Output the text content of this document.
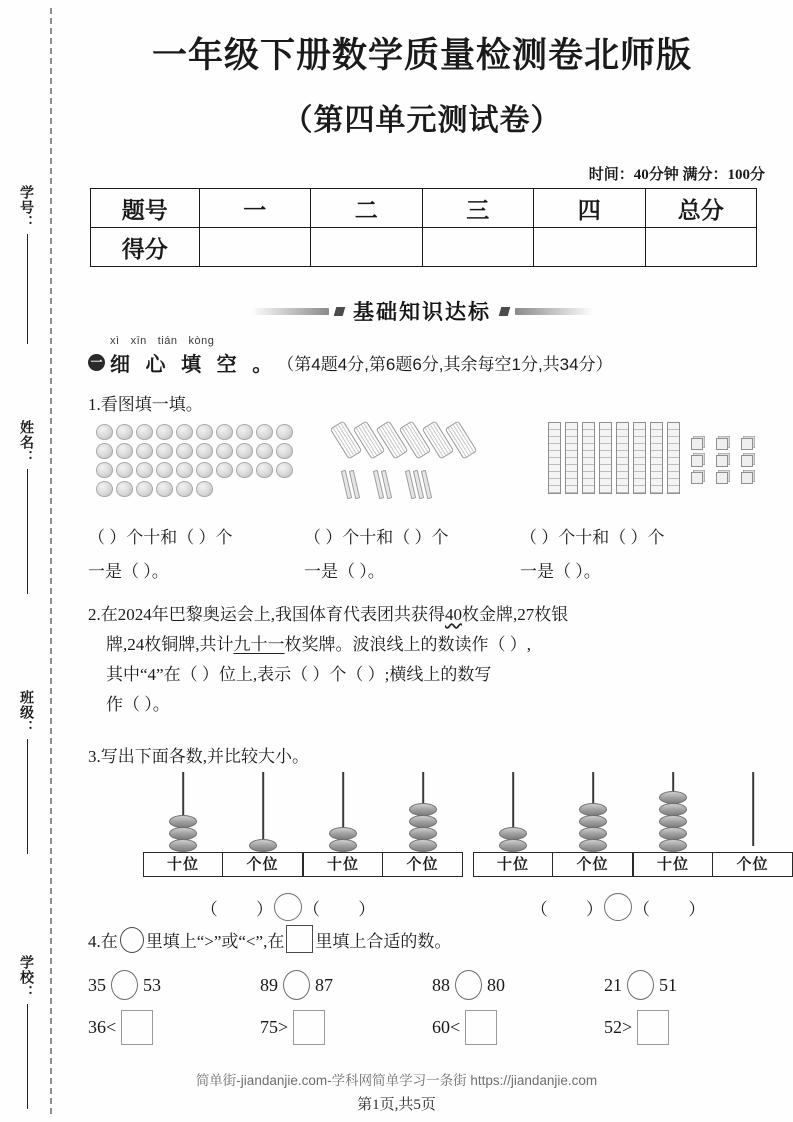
学号：
姓名：
班级：
学校：
一年级下册数学质量检测卷北师版
（第四单元测试卷）
时间：40分钟 满分：100分
题号	一	二	三	四	总分
得分					
基础知识达标
xì xīn tián kòng
一 细 心 填 空 。 （第4题4分,第6题6分,其余每空1分,共34分）
1.看图填一填。
（ ）个十和（ ）个	（ ）个十和（ ）个	（ ）个十和（ ）个
一是（ ）。	一是（ ）。	一是（ ）。
2.在2024年巴黎奥运会上,我国体育代表团共获得40枚金牌,27枚银
牌,24枚铜牌,共计九十一枚奖牌。波浪线上的数读作（ ）,
其中“4”在（ ）位上,表示（ ）个（ ）;横线上的数写
作（ ）。
3.写出下面各数,并比较大小。
十位	个位	十位	个位	十位	个位	十位	个位
（         ） （         ）	（         ） （         ）
4.在 里填上“>”或“<”,在 里填上合适的数。
35 53	89 87	88 80	21 51
36 <	75 >	60 <	52 >
简单街-jiandanjie.com-学科网简单学习一条街 https://jiandanjie.com
第1页,共5页
